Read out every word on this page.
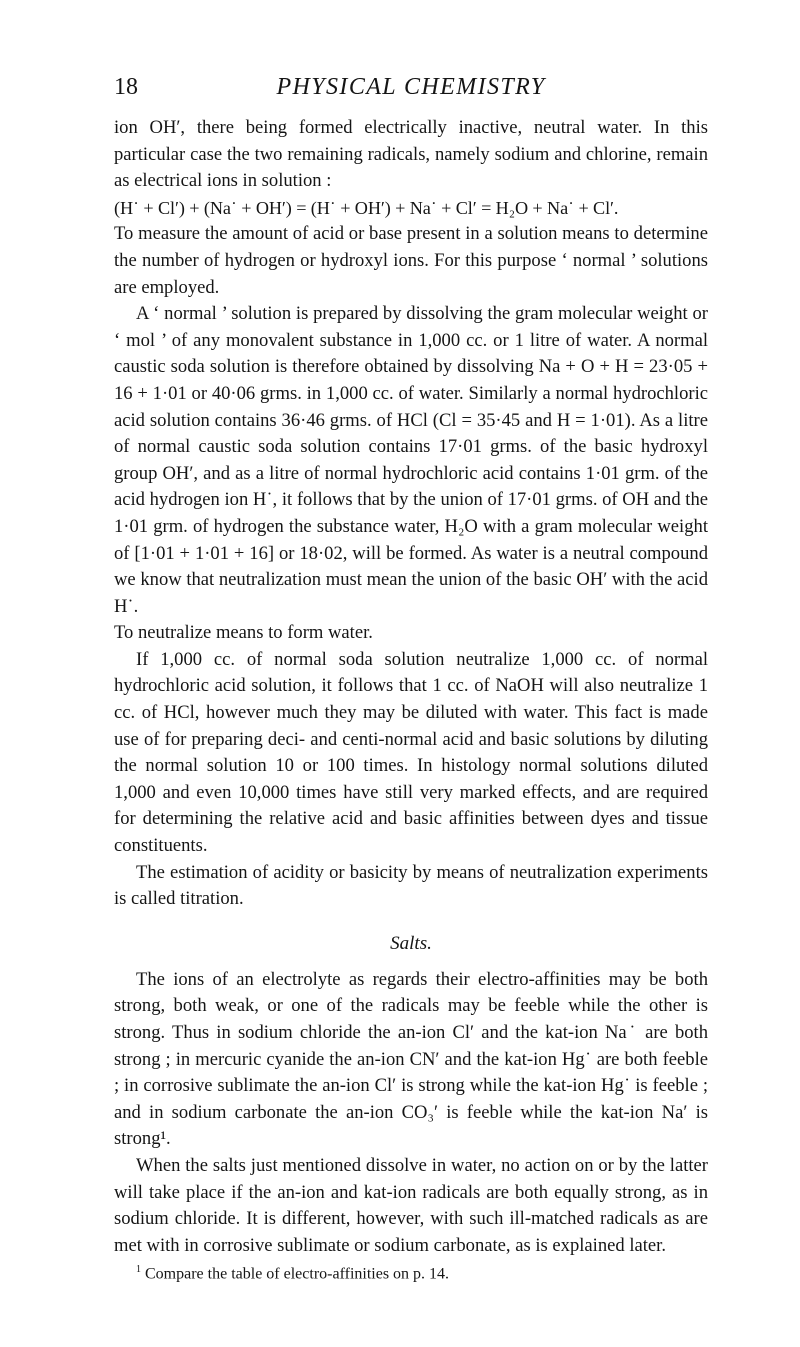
18	PHYSICAL CHEMISTRY

ion OH′, there being formed electrically inactive, neutral water. In this particular case the two remaining radicals, namely sodium and chlorine, remain as electrical ions in solution :

(H˙ + Cl′) + (Na˙ + OH′) = (H˙ + OH′) + Na˙ + Cl′ = H₂O + Na˙ + Cl′.

To measure the amount of acid or base present in a solution means to determine the number of hydrogen or hydroxyl ions. For this purpose ‘ normal ’ solutions are employed.

A ‘ normal ’ solution is prepared by dissolving the gram molecular weight or ‘ mol ’ of any monovalent substance in 1,000 cc. or 1 litre of water. A normal caustic soda solution is therefore obtained by dissolving Na + O + H = 23·05 + 16 + 1·01 or 40·06 grms. in 1,000 cc. of water. Similarly a normal hydrochloric acid solution contains 36·46 grms. of HCl (Cl = 35·45 and H = 1·01). As a litre of normal caustic soda solution contains 17·01 grms. of the basic hydroxyl group OH′, and as a litre of normal hydrochloric acid contains 1·01 grm. of the acid hydrogen ion H˙, it follows that by the union of 17·01 grms. of OH and the 1·01 grm. of hydrogen the substance water, H₂O with a gram molecular weight of [1·01 + 1·01 + 16] or 18·02, will be formed. As water is a neutral compound we know that neutralization must mean the union of the basic OH′ with the acid H˙.

To neutralize means to form water.

If 1,000 cc. of normal soda solution neutralize 1,000 cc. of normal hydrochloric acid solution, it follows that 1 cc. of NaOH will also neutralize 1 cc. of HCl, however much they may be diluted with water. This fact is made use of for preparing deci- and centi-normal acid and basic solutions by diluting the normal solution 10 or 100 times. In histology normal solutions diluted 1,000 and even 10,000 times have still very marked effects, and are required for determining the relative acid and basic affinities between dyes and tissue constituents.

The estimation of acidity or basicity by means of neutralization experiments is called titration.

Salts.

The ions of an electrolyte as regards their electro-affinities may be both strong, both weak, or one of the radicals may be feeble while the other is strong. Thus in sodium chloride the an-ion Cl′ and the kat-ion Na˙ are both strong ; in mercuric cyanide the an-ion CN′ and the kat-ion Hg˙ are both feeble ; in corrosive sublimate the an-ion Cl′ is strong while the kat-ion Hg˙ is feeble ; and in sodium carbonate the an-ion CO₃′ is feeble while the kat-ion Na′ is strong¹.

When the salts just mentioned dissolve in water, no action on or by the latter will take place if the an-ion and kat-ion radicals are both equally strong, as in sodium chloride. It is different, however, with such ill-matched radicals as are met with in corrosive sublimate or sodium carbonate, as is explained later.

$^1$ Compare the table of electro-affinities on p. 14.
